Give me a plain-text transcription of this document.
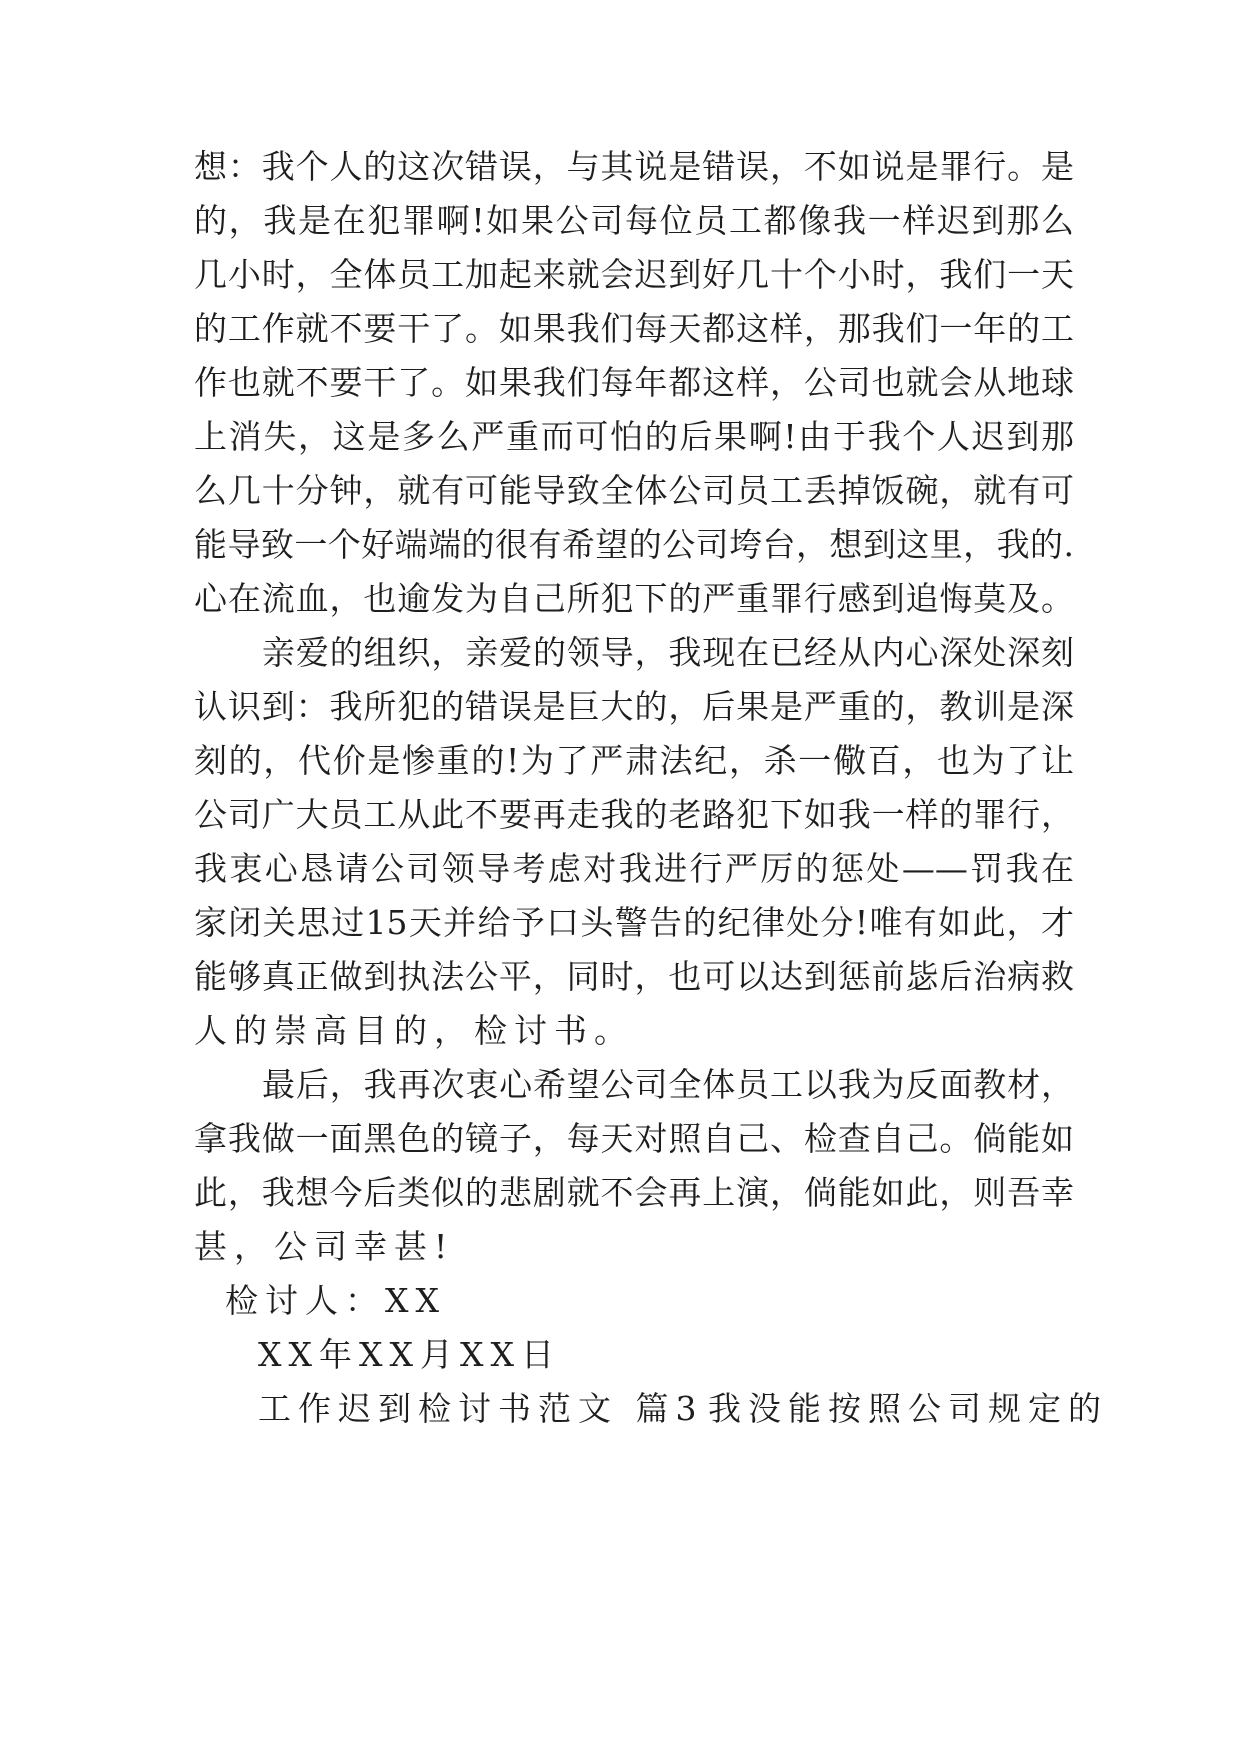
想：我个人的这次错误，与其说是错误，不如说是罪行。是
的，我是在犯罪啊!如果公司每位员工都像我一样迟到那么
几小时，全体员工加起来就会迟到好几十个小时，我们一天
的工作就不要干了。如果我们每天都这样，那我们一年的工
作也就不要干了。如果我们每年都这样，公司也就会从地球
上消失，这是多么严重而可怕的后果啊!由于我个人迟到那
么几十分钟，就有可能导致全体公司员工丢掉饭碗，就有可
能导致一个好端端的很有希望的公司垮台，想到这里，我的.
心在流血，也逾发为自己所犯下的严重罪行感到追悔莫及。
亲爱的组织，亲爱的领导，我现在已经从内心深处深刻
认识到：我所犯的错误是巨大的，后果是严重的，教训是深
刻的，代价是惨重的!为了严肃法纪，杀一儆百，也为了让
公司广大员工从此不要再走我的老路犯下如我一样的罪行，
我衷心恳请公司领导考虑对我进行严厉的惩处——罚我在
家闭关思过15天并给予口头警告的纪律处分!唯有如此，才
能够真正做到执法公平，同时，也可以达到惩前毖后治病救
人的崇高目的，检讨书。
最后，我再次衷心希望公司全体员工以我为反面教材，
拿我做一面黑色的镜子，每天对照自己、检查自己。倘能如
此，我想今后类似的悲剧就不会再上演，倘能如此，则吾幸
甚，公司幸甚!
检讨人：XX
XX年XX月XX日
工作迟到检讨书范文 篇3 我没能按照公司规定的
